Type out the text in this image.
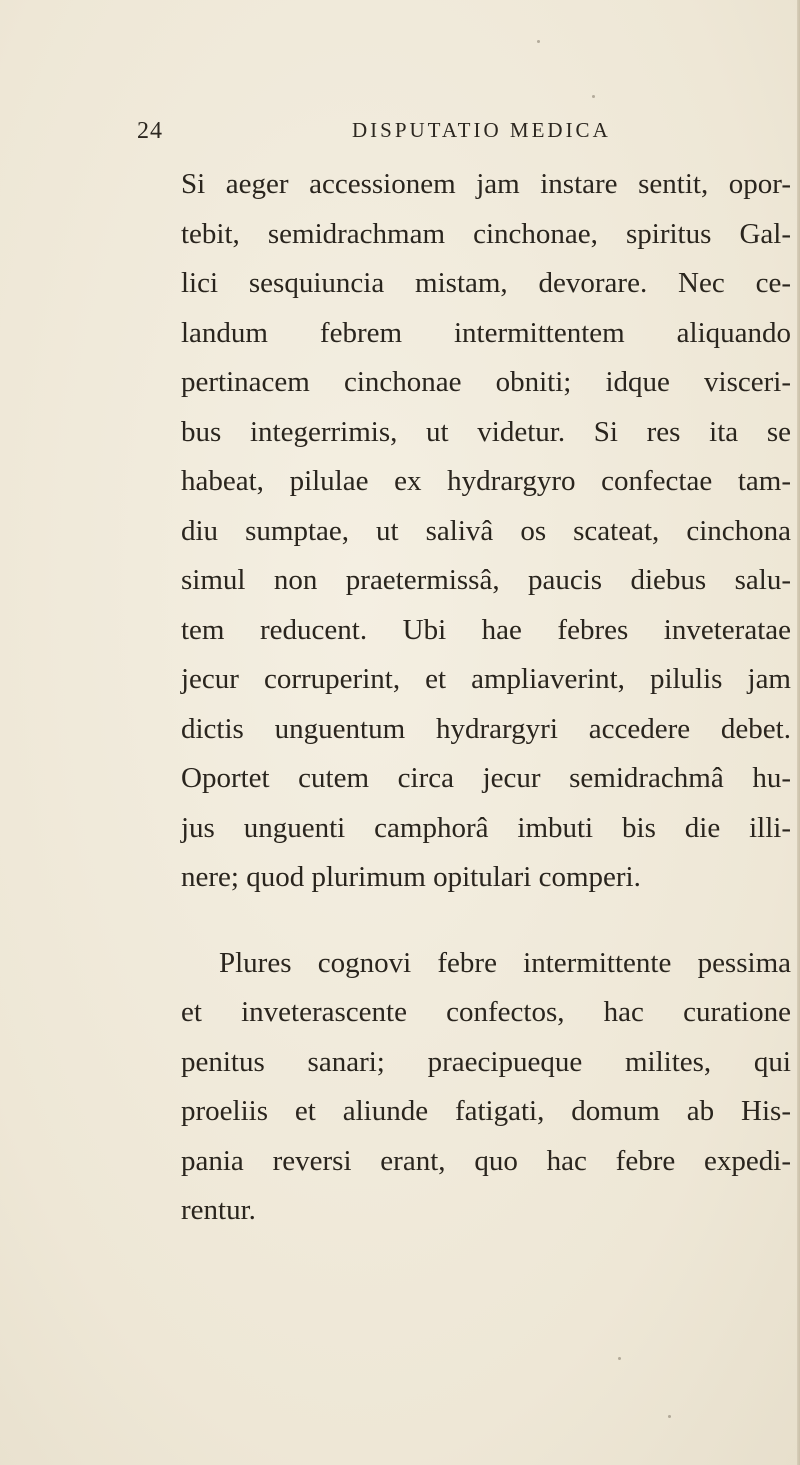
24	DISPUTATIO MEDICA
Si aeger accessionem jam instare sentit, opor-
tebit, semidrachmam cinchonae, spiritus Gal-
lici sesquiuncia mistam, devorare. Nec ce-
landum febrem intermittentem aliquando
pertinacem cinchonae obniti; idque visceri-
bus integerrimis, ut videtur. Si res ita se
habeat, pilulae ex hydrargyro confectae tam-
diu sumptae, ut salivâ os scateat, cinchona
simul non praetermissâ, paucis diebus salu-
tem reducent. Ubi hae febres inveteratae
jecur corruperint, et ampliaverint, pilulis jam
dictis unguentum hydrargyri accedere debet.
Oportet cutem circa jecur semidrachmâ hu-
jus unguenti camphorâ imbuti bis die illi-
nere; quod plurimum opitulari comperi.
Plures cognovi febre intermittente pessima
et inveterascente confectos, hac curatione
penitus sanari; praecipueque milites, qui
proeliis et aliunde fatigati, domum ab His-
pania reversi erant, quo hac febre expedi-
rentur.
